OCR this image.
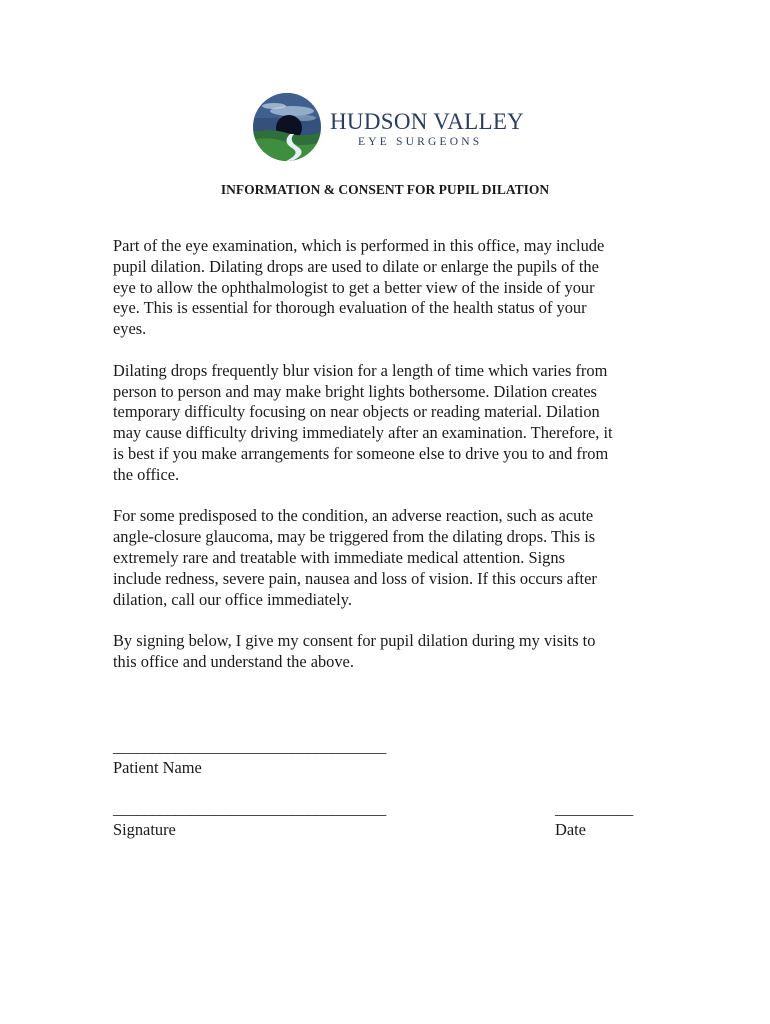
HUDSON VALLEY
EYE SURGEONS
INFORMATION & CONSENT FOR PUPIL DILATION

Part of the eye examination, which is performed in this office, may include
pupil dilation. Dilating drops are used to dilate or enlarge the pupils of the
eye to allow the ophthalmologist to get a better view of the inside of your
eye. This is essential for thorough evaluation of the health status of your
eyes.

Dilating drops frequently blur vision for a length of time which varies from
person to person and may make bright lights bothersome. Dilation creates
temporary difficulty focusing on near objects or reading material. Dilation
may cause difficulty driving immediately after an examination. Therefore, it
is best if you make arrangements for someone else to drive you to and from
the office.

For some predisposed to the condition, an adverse reaction, such as acute
angle-closure glaucoma, may be triggered from the dilating drops. This is
extremely rare and treatable with immediate medical attention. Signs
include redness, severe pain, nausea and loss of vision. If this occurs after
dilation, call our office immediately.

By signing below, I give my consent for pupil dilation during my visits to
this office and understand the above.

___________________________________
Patient Name
___________________________________
Signature
__________
Date
